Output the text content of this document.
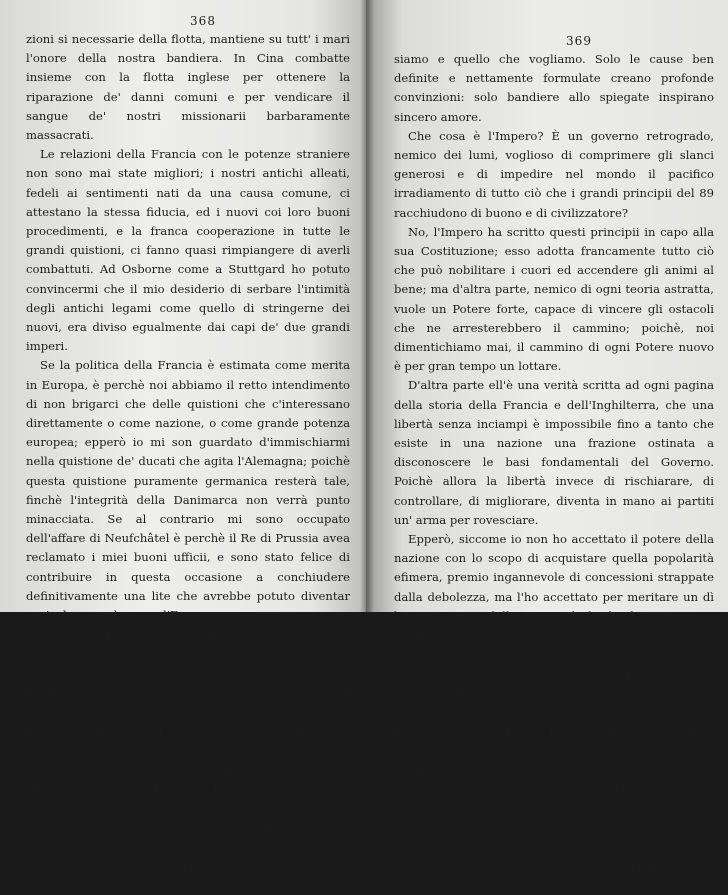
368

zioni si necessarie della flotta, mantiene su tutt' i mari l'onore della nostra bandiera. In Cina combatte insieme con la flotta inglese per ottenere la riparazione de' danni comuni e per vendicare il sangue de' nostri missionarii barbaramente massacrati.

Le relazioni della Francia con le potenze straniere non sono mai state migliori; i nostri antichi alleati, fedeli ai sentimenti nati da una causa comune, ci attestano la stessa fiducia, ed i nuovi coi loro buoni procedimenti, e la franca cooperazione in tutte le grandi quistioni, ci fanno quasi rimpiangere di averli combattuti. Ad Osborne come a Stuttgard ho potuto convincermi che il mio desiderio di serbare l'intimità degli antichi legami come quello di stringerne dei nuovi, era diviso egualmente dai capi de' due grandi imperi.

Se la politica della Francia è estimata come merita in Europa, è perchè noi abbiamo il retto intendimento di non brigarci che delle quistioni che c'interessano direttamente o come nazione, o come grande potenza europea; epperò io mi son guardato d'immischiarmi nella quistione de' ducati che agita l'Alemagna; poichè questa quistione puramente germanica resterà tale, finchè l'integrità della Danimarca non verrà punto minacciata. Se al contrario mi sono occupato dell'affare di Neufchâtel è perchè il Re di Prussia avea reclamato i miei buoni ufficii, e sono stato felice di contribuire in questa occasione a conchiudere definitivamente una lite che avrebbe potuto diventar pericolosa per la pace d'Europa.

Quanto ai Principati si son fatte le meraviglie del nostro disaccordo con alcuno dei nostri alleati; ciò deriva dacchè la Francia nella sua politica disinteressata ha sempre protetto, per quanto il permettessero i trattati ed i voti delle popolazioni, le quali avevano rivolto i loro sguardi verso di lei. Non pertanto noi vedremo nelle conferenze che testè si apriranno a Parigi, addurre uno spirito di conciliazione tale da attenuare le difficoltà inseparabili dalla divergenza delle opinioni.

Questa è in riassunto, o Signori, la situazione nostra. Io potrei dunque terminar qui il mio discorso, ma credo utile, al cominciar d'una nuova legislatura, esaminare con voi quel che noi

369

siamo e quello che vogliamo. Solo le cause ben definite e nettamente formulate creano profonde convinzioni: solo bandiere allo spiegate inspirano sincero amore.

Che cosa è l'Impero? È un governo retrogrado, nemico dei lumi, voglioso di comprimere gli slanci generosi e di impedire nel mondo il pacifico irradiamento di tutto ciò che i grandi principii del 89 racchiudono di buono e di civilizzatore?

No, l'Impero ha scritto questi principii in capo alla sua Costituzione; esso adotta francamente tutto ciò che può nobilitare i cuori ed accendere gli animi al bene; ma d'altra parte, nemico di ogni teoria astratta, vuole un Potere forte, capace di vincere gli ostacoli che ne arresterebbero il cammino; poichè, noi dimentichiamo mai, il cammino di ogni Potere nuovo è per gran tempo un lottare.

D'altra parte ell'è una verità scritta ad ogni pagina della storia della Francia e dell'Inghilterra, che una libertà senza inciampi è impossibile fino a tanto che esiste in una nazione una frazione ostinata a disconoscere le basi fondamentali del Governo. Poichè allora la libertà invece di rischiarare, di controllare, di migliorare, diventa in mano ai partiti un' arma per rovesciare.

Epperò, siccome io non ho accettato il potere della nazione con lo scopo di acquistare quella popolarità efimera, premio ingannevole di concessioni strappate dalla debolezza, ma l'ho accettato per meritare un dì l'approvazione della posterità fondando in Francia qualche cosa di durevole, così non temo di dichiararvi oggi che il pericolo, checchè se ne dica, non istà nelle prerogative eccessive del Potere, ma piuttosto nella mancanza di leggi repressive. Così le ultime elezioni, malgrado il loro risultato soddisfacente hanno offerto in certi luoghi un triste spettacolo; i partiti ostili ne hanno profittato per agitare la nazione, e si è veduto alcuni, dicendosi altamente nemici delle istituzioni nazionali, ingannare gli elettori con false promesse, e dopo aver brogliato poi loro suffragi, rifiutarli poscia disdegnosamente. Voi non permetterete che tale scandalo si rinnovi; e costringerete ogni eleggibile a prestare giuramento alla Costituzione prima di farsi notare come candidato.
